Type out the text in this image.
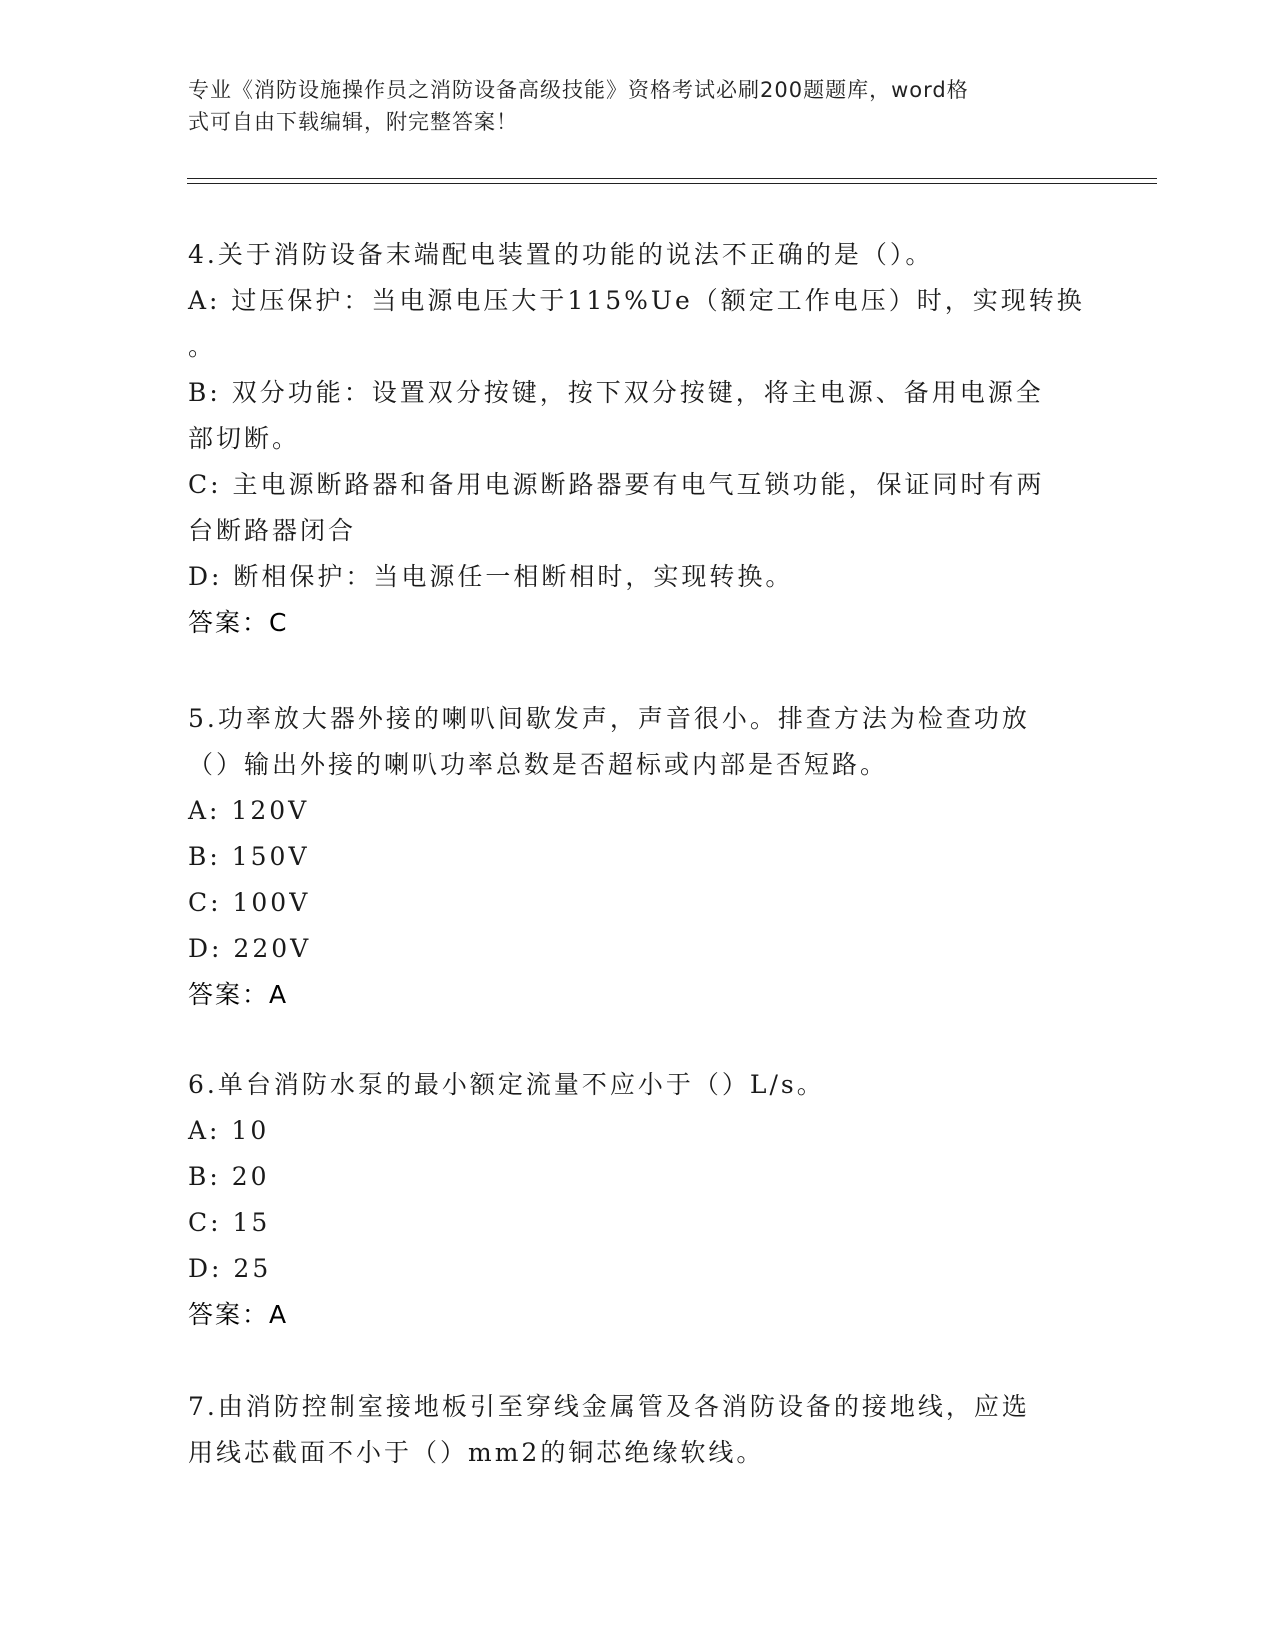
专业《消防设施操作员之消防设备高级技能》资格考试必刷200题题库，word格
式可自由下载编辑，附完整答案！
4.关于消防设备末端配电装置的功能的说法不正确的是（）。
A: 过压保护：当电源电压大于115%Ue（额定工作电压）时，实现转换
。
B: 双分功能：设置双分按键，按下双分按键，将主电源、备用电源全
部切断。
C: 主电源断路器和备用电源断路器要有电气互锁功能，保证同时有两
台断路器闭合
D: 断相保护：当电源任一相断相时，实现转换。
答案：C
5.功率放大器外接的喇叭间歇发声，声音很小。排查方法为检查功放
（）输出外接的喇叭功率总数是否超标或内部是否短路。
A: 120V
B: 150V
C: 100V
D: 220V
答案：A
6.单台消防水泵的最小额定流量不应小于（）L/s。
A: 10
B: 20
C: 15
D: 25
答案：A
7.由消防控制室接地板引至穿线金属管及各消防设备的接地线，应选
用线芯截面不小于（）mm2的铜芯绝缘软线。
